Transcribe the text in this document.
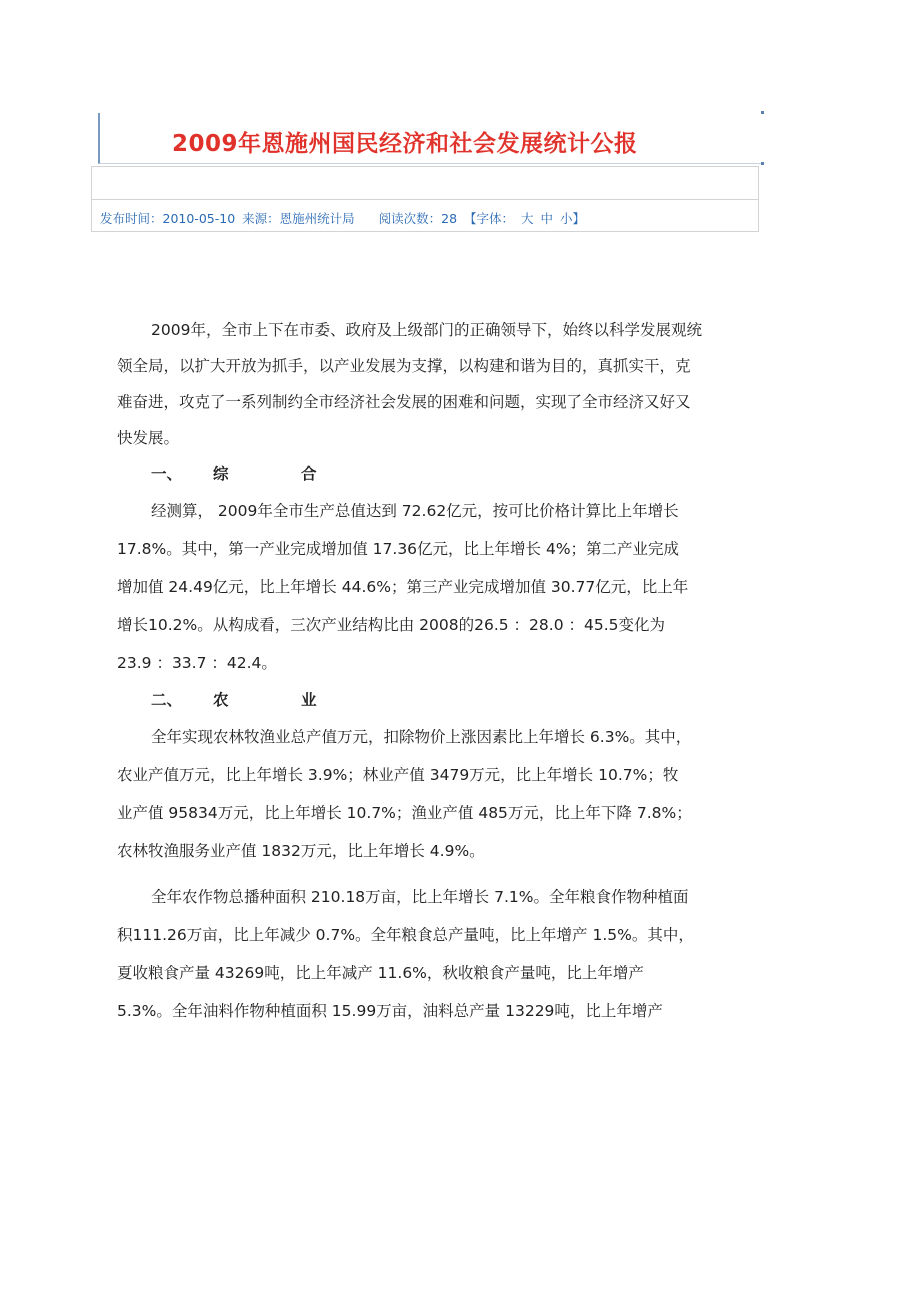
2009年恩施州国民经济和社会发展统计公报
发布时间：2010-05-10 来源：恩施州统计局 阅读次数：28 【字体： 大 中 小】
2009年，全市上下在市委、政府及上级部门的正确领导下，始终以科学发展观统
领全局，以扩大开放为抓手，以产业发展为支撑，以构建和谐为目的，真抓实干，克
难奋进，攻克了一系列制约全市经济社会发展的困难和问题，实现了全市经济又好又
快发展。
一、 综	合
经测算， 2009年全市生产总值达到 72.62亿元，按可比价格计算比上年增长
17.8%。其中，第一产业完成增加值 17.36亿元，比上年增长 4%；第二产业完成
增加值 24.49亿元，比上年增长 44.6%；第三产业完成增加值 30.77亿元，比上年
增长10.2%。从构成看，三次产业结构比由 2008的26.5 ：28.0 ：45.5变化为
23.9 ：33.7 ：42.4。
二、 农	业
全年实现农林牧渔业总产值万元，扣除物价上涨因素比上年增长 6.3%。其中，
农业产值万元，比上年增长 3.9%；林业产值 3479万元，比上年增长 10.7%；牧
业产值 95834万元，比上年增长 10.7%；渔业产值 485万元，比上年下降 7.8%；
农林牧渔服务业产值 1832万元，比上年增长 4.9%。
全年农作物总播种面积 210.18万亩，比上年增长 7.1%。全年粮食作物种植面
积111.26万亩，比上年减少 0.7%。全年粮食总产量吨，比上年增产 1.5%。其中，
夏收粮食产量 43269吨，比上年减产 11.6%，秋收粮食产量吨，比上年增产
5.3%。全年油料作物种植面积 15.99万亩，油料总产量 13229吨，比上年增产
